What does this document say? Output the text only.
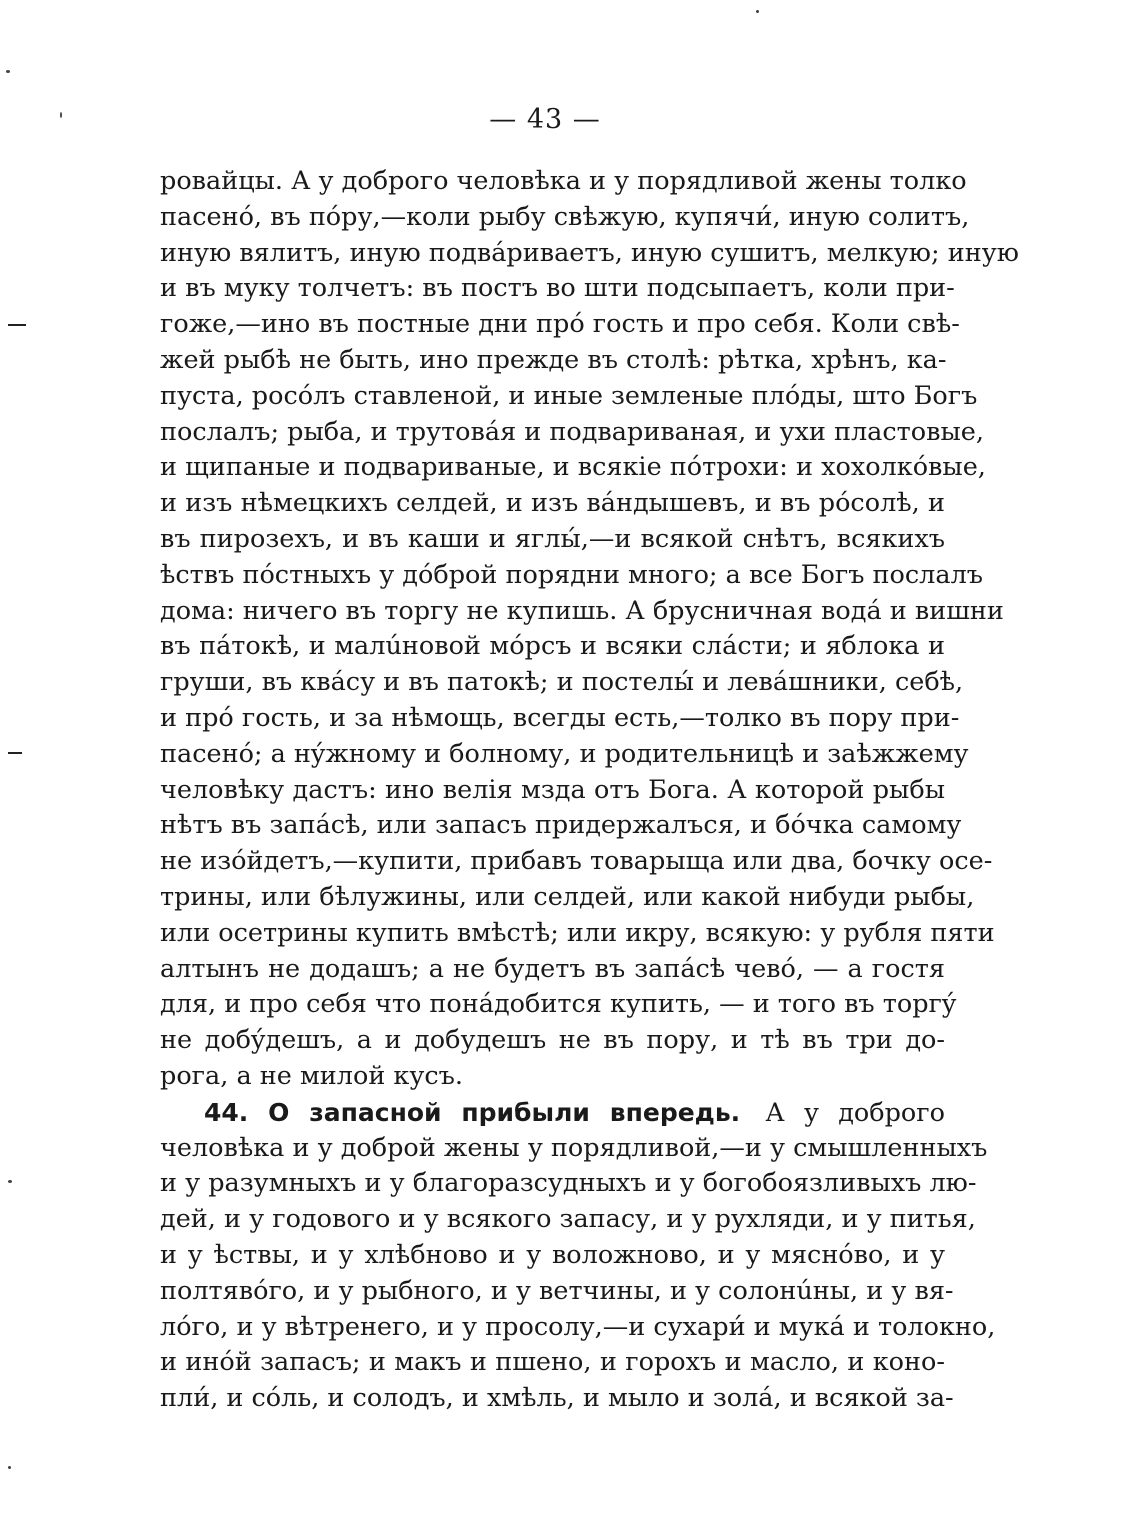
— 43 —
ровайцы. А у доброго человѣка и у порядливой жены толко
пасенó, въ пóру,—коли рыбу свѣжую, купячи́, иную солитъ,
иную вялитъ, иную подвáриваетъ, иную сушитъ, мелкую; иную
и въ муку толчетъ: въ постъ во шти подсыпаетъ, коли при-
гоже,—ино въ постные дни прó гость и про себя. Коли свѣ-
жей рыбѣ не быть, ино прежде въ столѣ: рѣтка, хрѣнъ, ка-
пуста, росóлъ ставленой, и иные земленые плóды, што Богъ
послалъ; рыба, и трутовáя и подвариваная, и ухи пластовые,
и щипаные и подвариваные, и всякіе пóтрохи: и хохолкóвые,
и изъ нѣмецкихъ селдей, и изъ вáндышевъ, и въ рóсолѣ, и
въ пирозехъ, и въ каши и яглы́,—и всякой снѣтъ, всякихъ
ѣствъ пóстныхъ у дóброй порядни много; а все Богъ послалъ
дома: ничего въ торгу не купишь. А брусничная водá и вишни
въ пáтокѣ, и малúновой мóрсъ и всяки слáсти; и яблока и
груши, въ квáсу и въ патокѣ; и постелы́ и левáшники, себѣ,
и прó гость, и за нѣмощь, всегды есть,—толко въ пору при-
пасенó; а нýжному и болному, и родительницѣ и заѣжжему
человѣку дастъ: ино велія мзда отъ Бога. А которой рыбы
нѣтъ въ запáсѣ, или запасъ придержалъся, и бóчка самому
не изóйдетъ,—купити, прибавъ товарыща или два, бочку осе-
трины, или бѣлужины, или селдей, или какой нибуди рыбы,
или осетрины купить вмѣстѣ; или икру, всякую: у рубля пяти
алтынъ не додашъ; а не будетъ въ запáсѣ чевó, — а гостя
для, и про себя что понáдобится купить, — и того въ торгý
не добýдешъ, а и добудешъ не въ пору, и тѣ въ три до-
рога, а не милой кусъ.
44. О запасной прибыли впередь. А у доброго
человѣка и у доброй жены у порядливой,—и у смышленныхъ
и у разумныхъ и у благоразсудныхъ и у богобоязливыхъ лю-
дей, и у годового и у всякого запасу, и у рухляди, и у питья,
и у ѣствы, и у хлѣбново и у воложново, и у мяснóво, и у
полтявóго, и у рыбного, и у ветчины, и у солонúны, и у вя-
лóго, и у вѣтренего, и у просолу,—и сухари́ и мукá и толокно,
и инóй запасъ; и макъ и пшено, и горохъ и масло, и коно-
пли́, и сóль, и солодъ, и хмѣль, и мыло и золá, и всякой за-
